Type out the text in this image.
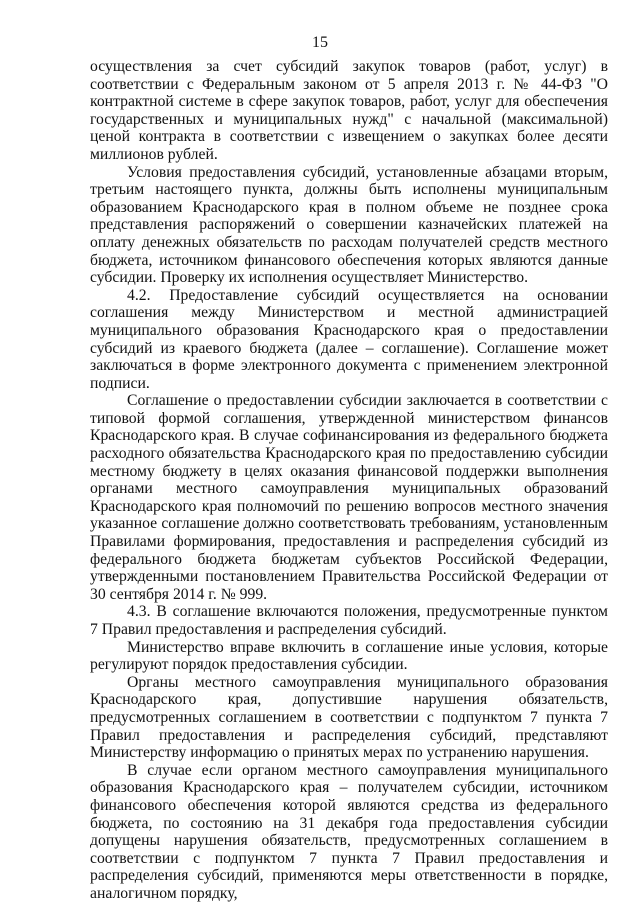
15

осуществления за счет субсидий закупок товаров (работ, услуг) в соответствии с Федеральным законом от 5 апреля 2013 г. № 44-ФЗ "О контрактной системе в сфере закупок товаров, работ, услуг для обеспечения государственных и муниципальных нужд" с начальной (максимальной) ценой контракта в соответствии с извещением о закупках более десяти миллионов рублей.

Условия предоставления субсидий, установленные абзацами вторым, третьим настоящего пункта, должны быть исполнены муниципальным образованием Краснодарского края в полном объеме не позднее срока представления распоряжений о совершении казначейских платежей на оплату денежных обязательств по расходам получателей средств местного бюджета, источником финансового обеспечения которых являются данные субсидии. Проверку их исполнения осуществляет Министерство.

4.2. Предоставление субсидий осуществляется на основании соглашения между Министерством и местной администрацией муниципального образования Краснодарского края о предоставлении субсидий из краевого бюджета (далее – соглашение). Соглашение может заключаться в форме электронного документа с применением электронной подписи.

Соглашение о предоставлении субсидии заключается в соответствии с типовой формой соглашения, утвержденной министерством финансов Краснодарского края. В случае софинансирования из федерального бюджета расходного обязательства Краснодарского края по предоставлению субсидии местному бюджету в целях оказания финансовой поддержки выполнения органами местного самоуправления муниципальных образований Краснодарского края полномочий по решению вопросов местного значения указанное соглашение должно соответствовать требованиям, установленным Правилами формирования, предоставления и распределения субсидий из федерального бюджета бюджетам субъектов Российской Федерации, утвержденными постановлением Правительства Российской Федерации от 30 сентября 2014 г. № 999.

4.3. В соглашение включаются положения, предусмотренные пунктом 7 Правил предоставления и распределения субсидий.

Министерство вправе включить в соглашение иные условия, которые регулируют порядок предоставления субсидии.

Органы местного самоуправления муниципального образования Краснодарского края, допустившие нарушения обязательств, предусмотренных соглашением в соответствии с подпунктом 7 пункта 7 Правил предоставления и распределения субсидий, представляют Министерству информацию о принятых мерах по устранению нарушения.

В случае если органом местного самоуправления муниципального образования Краснодарского края – получателем субсидии, источником финансового обеспечения которой являются средства из федерального бюджета, по состоянию на 31 декабря года предоставления субсидии допущены нарушения обязательств, предусмотренных соглашением в соответствии с подпунктом 7 пункта 7 Правил предоставления и распределения субсидий, применяются меры ответственности в порядке, аналогичном порядку,
